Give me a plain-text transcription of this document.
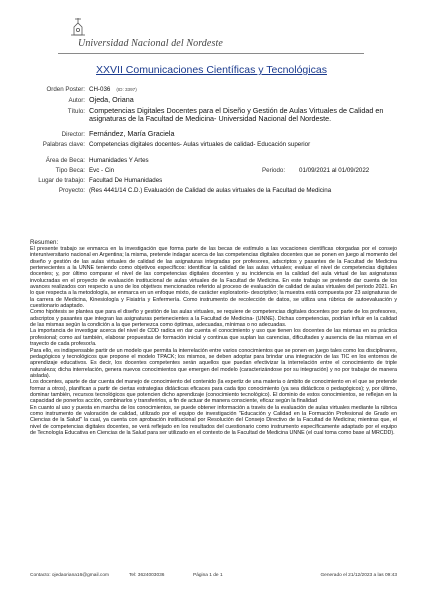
Universidad Nacional del Nordeste
XXVII Comunicaciones Científicas y Tecnológicas
Orden Poster: CH-036 (ID: 3397)
Autor: Ojeda, Oriana
Título: Competencias Digitales Docentes para el Diseño y Gestión de Aulas Virtuales de Calidad en asignaturas de la Facultad de Medicina- Universidad Nacional del Nordeste.
Director: Fernández, María Graciela
Palabras clave: Competencias digitales docentes- Aulas virtuales de calidad- Educación superior
Área de Beca: Humanidades Y Artes
Tipo Beca: Evc - Cin	Periodo: 01/09/2021 al 01/09/2022
Lugar de trabajo: Facultad De Humanidades
Proyecto: (Res 4441/14 C.D.) Evaluación de Calidad de aulas virtuales de la Facultad de Medicina
Resumen:

El presente trabajo se enmarca en la investigación que forma parte de las becas de estímulo a las vocaciones científicas otorgadas por el consejo interuniversitario nacional en Argentina; la misma, pretende indagar acerca de las competencias digitales docentes que se ponen en juego al momento del diseño y gestión de las aulas virtuales de calidad de las asignaturas integradas por profesores, adscriptos y pasantes de la Facultad de Medicina pertenecientes a la UNNE teniendo como objetivos específicos: identificar la calidad de las aulas virtuales; evaluar el nivel de competencias digitales docentes; y, por último comparar el nivel de las competencias digitales docentes y su incidencia en la calidad del aula virtual de las asignaturas involucradas en el proyecto de evaluación institucional de aulas virtuales de la Facultad de Medicina. En este trabajo se pretende dar cuenta de los avances realizados con respecto a uno de los objetivos mencionados referido al proceso de evaluación de calidad de aulas virtuales del periodo 2021. En lo que respecta a la metodología, se enmarca en un enfoque mixto, de carácter exploratorio- descriptivo; la muestra está compuesta por 23 asignaturas de la carrera de Medicina, Kinesiología y Fisiatría y Enfermería. Como instrumento de recolección de datos, se utiliza una rúbrica de autoevaluación y cuestionario adaptado.

Como hipótesis se plantea que para el diseño y gestión de las aulas virtuales, se requiere de competencias digitales docentes por parte de los profesores, adscriptos y pasantes que integran las asignaturas pertenecientes a la Facultad de Medicina- (UNNE). Dichas competencias, podrían influir en la calidad de las mismas según la condición a la que pertenezca como óptimas, adecuadas, mínimas o no adecuadas.

La importancia de investigar acerca del nivel de CDD radica en dar cuenta el conocimiento y uso que tienen los docentes de las mismas en su práctica profesional; como así también, elaborar propuestas de formación inicial y continua que suplan las carencias, dificultades y ausencia de las mismas en el trayecto de cada profesor/a.

Para ello, es indispensable partir de un modelo que permita la interrelación entre varios conocimientos que se ponen en juego tales como los disciplinares, pedagógicos y tecnológicos que propone el modelo TPACK; los mismos, se deben adoptar para brindar una integración de las TIC en los entornos de aprendizaje educativos. Es decir, los docentes competentes serán aquellos que puedan efectivizar la interrelación entre el conocimiento de triple naturaleza; dicha interrelación, genera nuevos conocimientos que emergen del modelo (caracterizándose por su integración) y no por trabajar de manera aislada).

Los docentes, aparte de dar cuenta del manejo de conocimiento del contenido (la expertiz de una materia o ámbito de conocimiento en el que se pretende formar a otros), planifican a partir de ciertas estrategias didácticas eficaces para cada tipo conocimiento (ya sea didácticos o pedagógicos); y, por último, dominar también, recursos tecnológicos que potencien dicho aprendizaje (conocimiento tecnológico). El dominio de estos conocimientos, se reflejan en la capacidad de ponerlos acción, combinarlos y transferirlos, a fin de actuar de manera consciente, eficaz según la finalidad

En cuanto al uso y puesta en marcha de los conocimientos, se puede obtener información a través de la evaluación de aulas virtuales mediante la rúbrica como instrumento de valoración de calidad, utilizado por el equipo de investigación "Educación y Calidad en la Formación Profesional de Grado en Ciencias de la Salud" la cual, ya cuenta con aprobación institucional por Resolución del Consejo Directivo de la Facultad de Medicina; mientras que, el nivel de competencias digitales docentes, se verá reflejado en los resultados del cuestionario como instrumento específicamente adaptado por el equipo de Tecnología Educativa en Ciencias de la Salud para ser utilizado en el contexto de la Facultad de Medicina UNNE (el cual toma como base al MRCDD).

Contacto: ojedaoriana16@gmail.com	Tel: 3624003036	Página 1 de 1	Generado el 21/12/2023 a las 09:43
